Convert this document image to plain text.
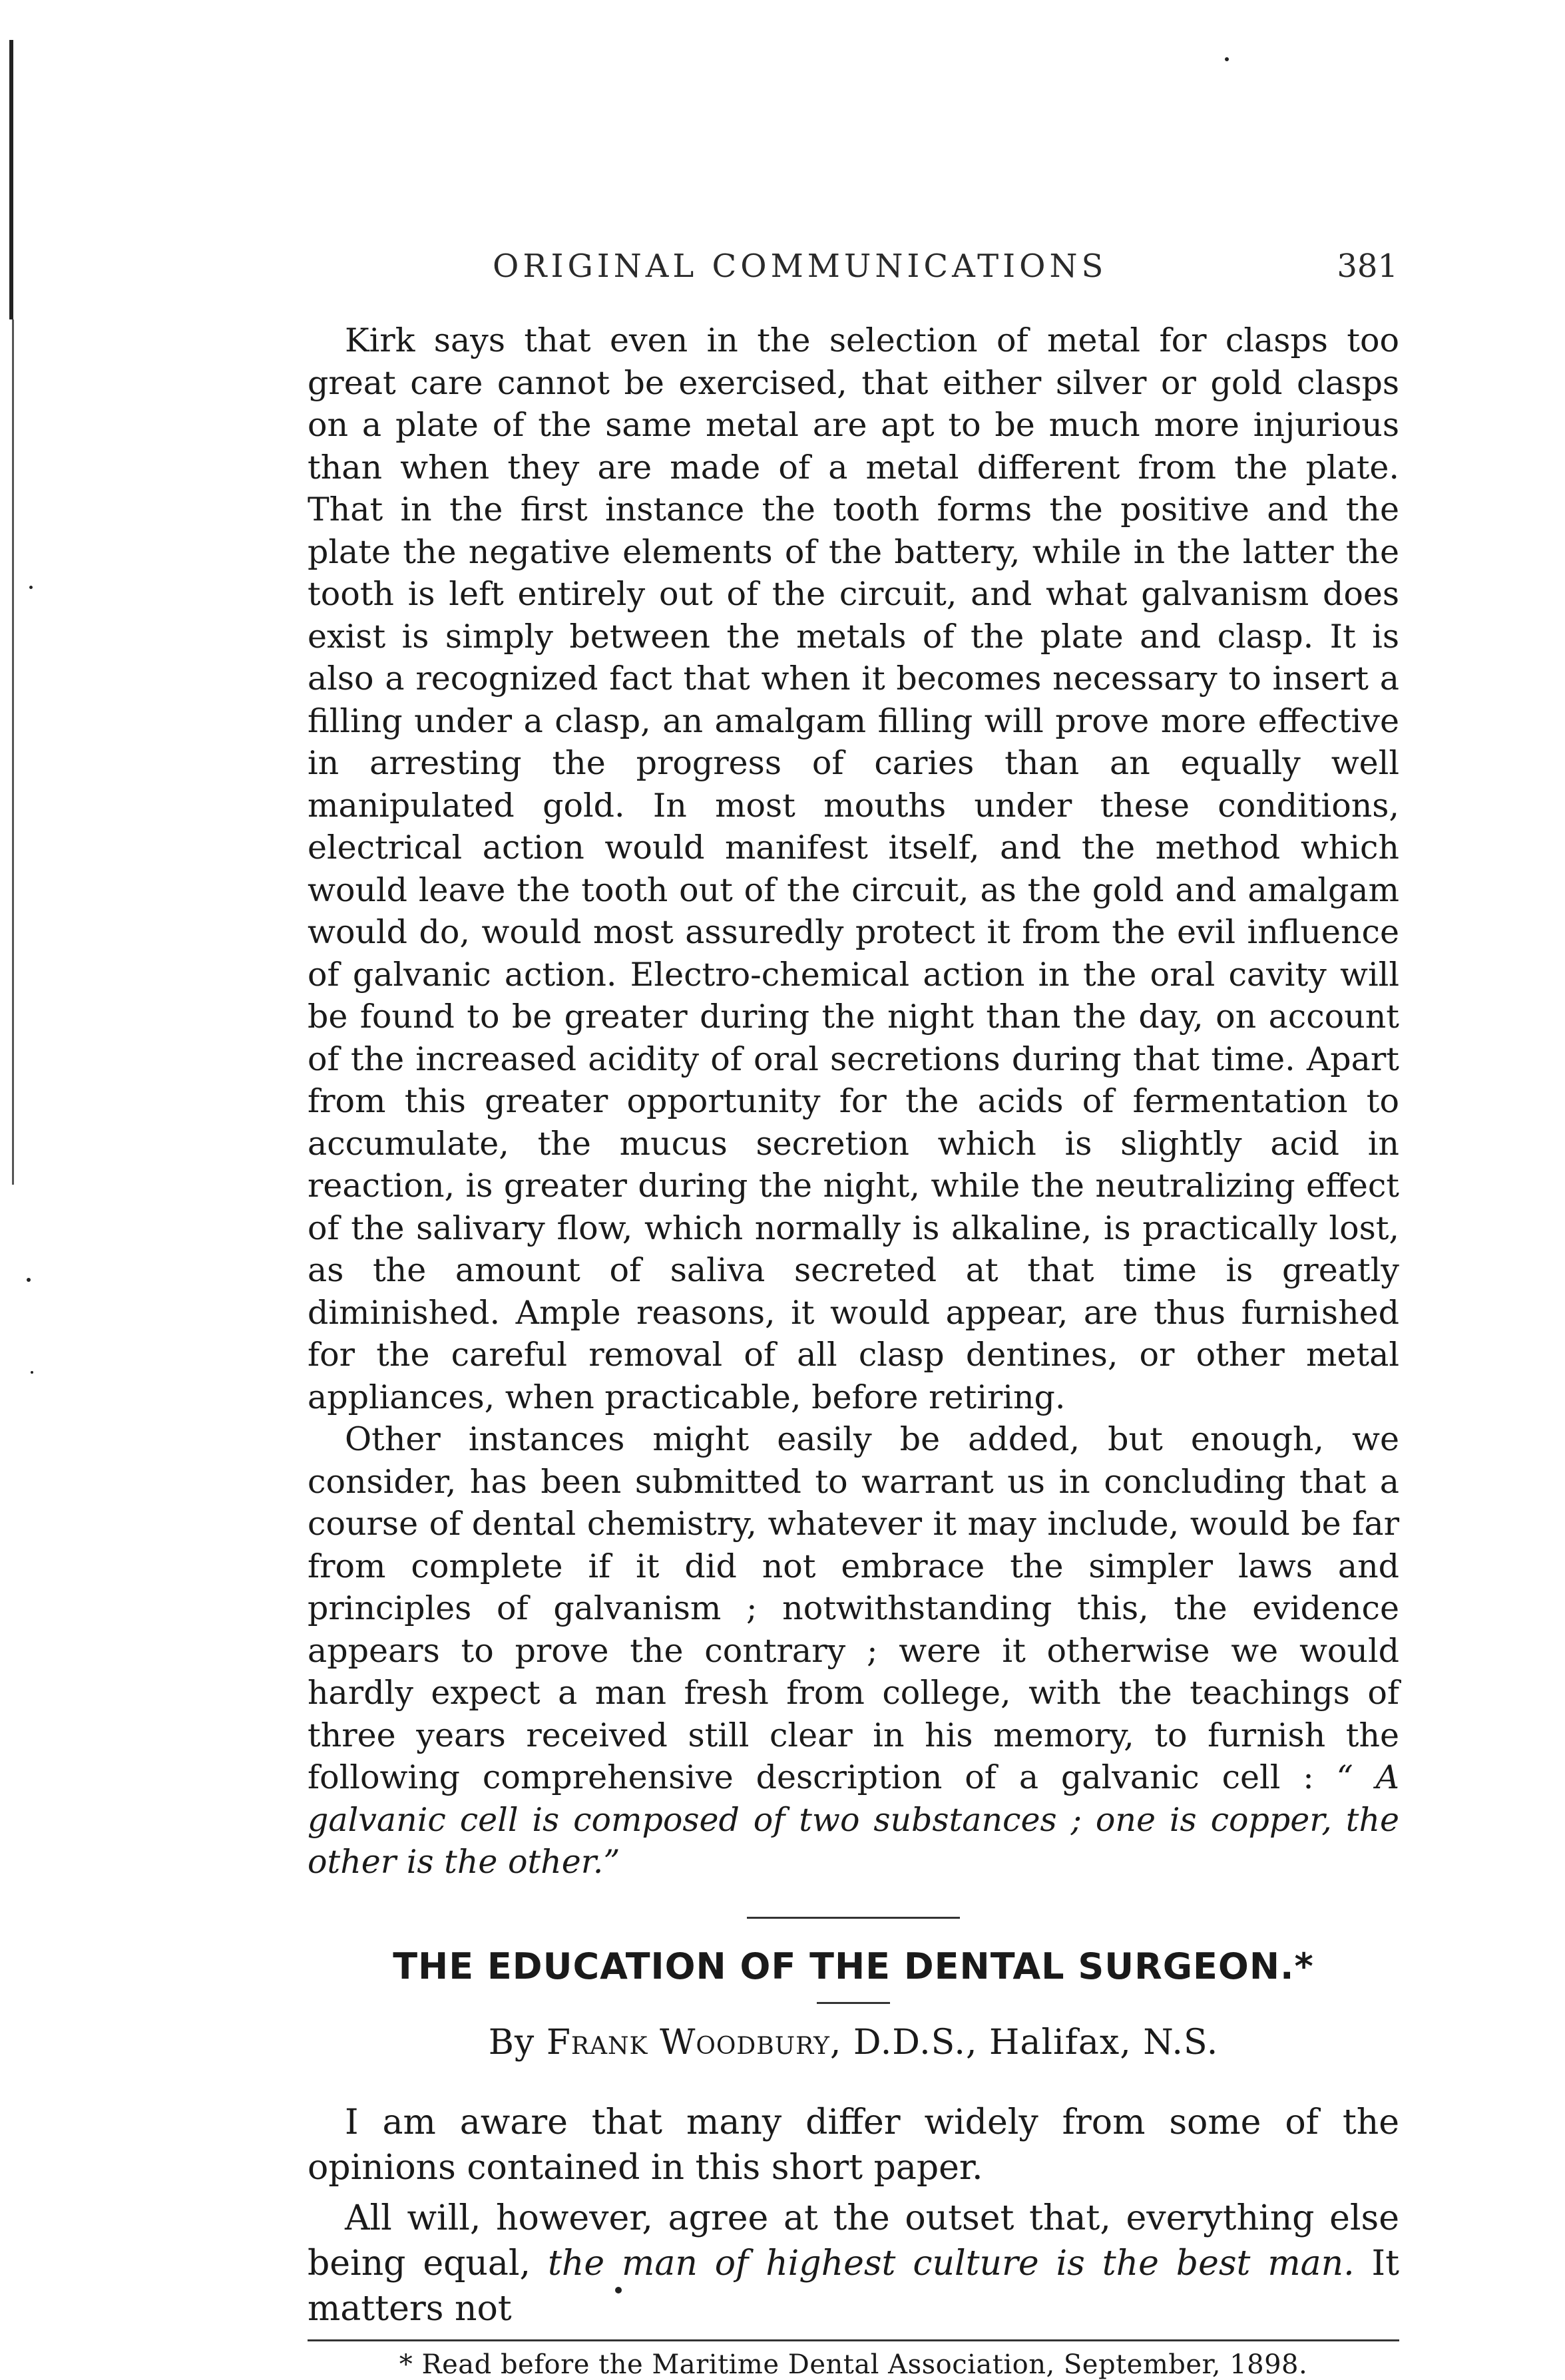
ORIGINAL COMMUNICATIONS	381

Kirk says that even in the selection of metal for clasps too great care cannot be exercised, that either silver or gold clasps on a plate of the same metal are apt to be much more injurious than when they are made of a metal different from the plate. That in the first instance the tooth forms the positive and the plate the negative elements of the battery, while in the latter the tooth is left entirely out of the circuit, and what galvanism does exist is simply between the metals of the plate and clasp. It is also a recognized fact that when it becomes necessary to insert a filling under a clasp, an amalgam filling will prove more effective in arresting the progress of caries than an equally well manipulated gold. In most mouths under these conditions, electrical action would manifest itself, and the method which would leave the tooth out of the circuit, as the gold and amalgam would do, would most assuredly protect it from the evil influence of galvanic action. Electro-chemical action in the oral cavity will be found to be greater during the night than the day, on account of the increased acidity of oral secretions during that time. Apart from this greater opportunity for the acids of fermentation to accumulate, the mucus secretion which is slightly acid in reaction, is greater during the night, while the neutralizing effect of the salivary flow, which normally is alkaline, is practically lost, as the amount of saliva secreted at that time is greatly diminished. Ample reasons, it would appear, are thus furnished for the careful removal of all clasp dentines, or other metal appliances, when practicable, before retiring.

Other instances might easily be added, but enough, we consider, has been submitted to warrant us in concluding that a course of dental chemistry, whatever it may include, would be far from complete if it did not embrace the simpler laws and principles of galvanism ; notwithstanding this, the evidence appears to prove the contrary ; were it otherwise we would hardly expect a man fresh from college, with the teachings of three years received still clear in his memory, to furnish the following comprehensive description of a galvanic cell : “ A galvanic cell is composed of two substances ; one is copper, the other is the other.”

THE EDUCATION OF THE DENTAL SURGEON.*

By Frank Woodbury, D.D.S., Halifax, N.S.

I am aware that many differ widely from some of the opinions contained in this short paper.

All will, however, agree at the outset that, everything else being equal, the man of highest culture is the best man. It matters not

* Read before the Maritime Dental Association, September, 1898.
